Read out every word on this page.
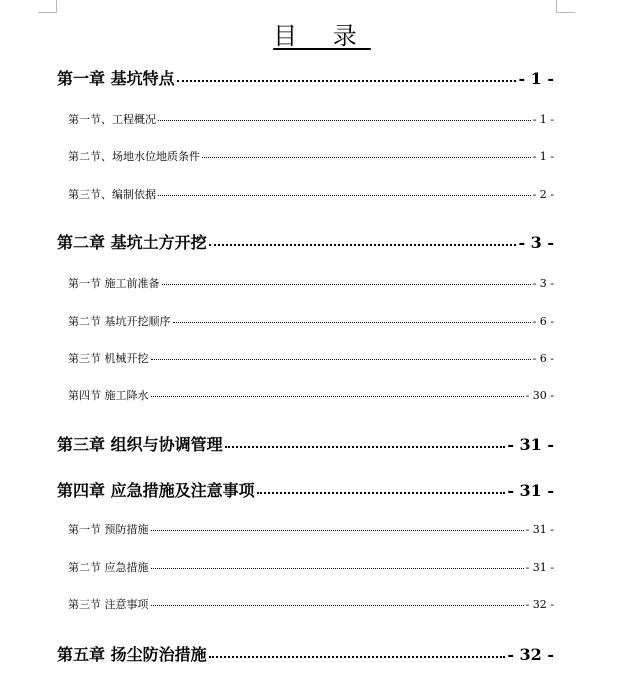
目 录
第一章 基坑特点	- 1 -
第一节、工程概况	- 1 -
第二节、场地水位地质条件	- 1 -
第三节、编制依据	- 2 -
第二章 基坑土方开挖	- 3 -
第一节 施工前准备	- 3 -
第二节 基坑开挖顺序	- 6 -
第三节 机械开挖	- 6 -
第四节 施工降水	- 30 -
第三章 组织与协调管理	- 31 -
第四章 应急措施及注意事项	- 31 -
第一节 预防措施	- 31 -
第二节 应急措施	- 31 -
第三节 注意事项	- 32 -
第五章 扬尘防治措施	- 32 -
